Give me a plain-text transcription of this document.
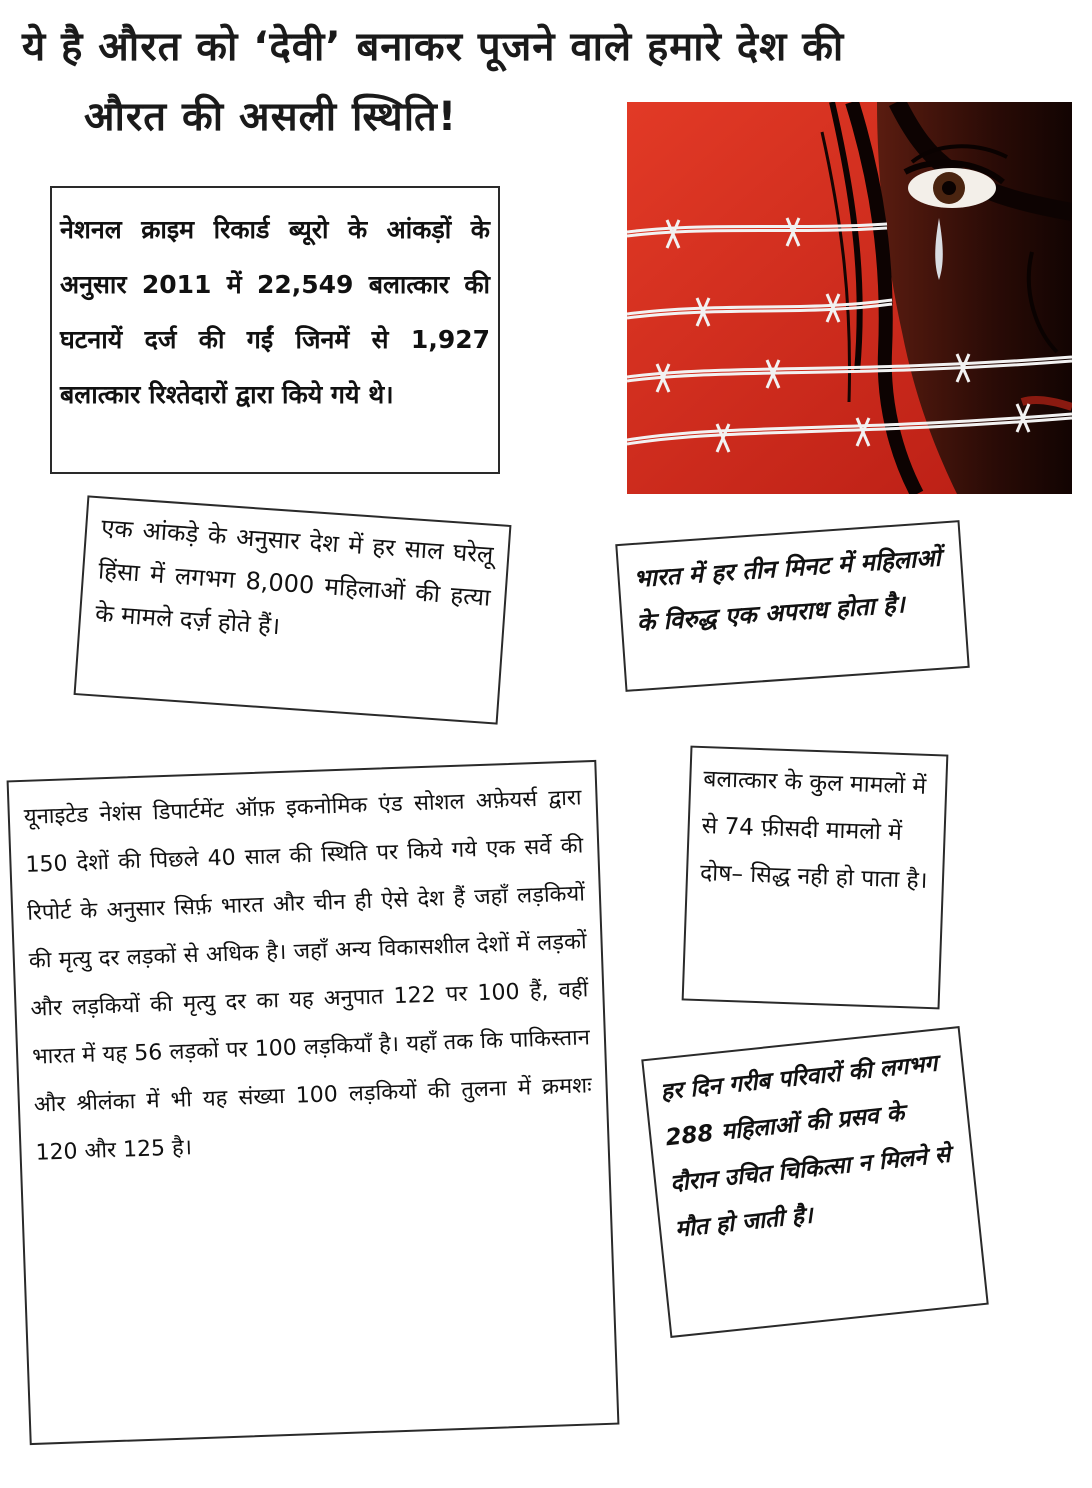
ये है औरत को ‘देवी’ बनाकर पूजने वाले हमारे देश की
औरत की असली स्थिति!

नेशनल क्राइम रिकार्ड ब्यूरो के आंकड़ों के अनुसार 2011 में 22,549 बलात्कार की घटनायें दर्ज की गईं जिनमें से 1,927 बलात्कार रिश्तेदारों द्वारा किये गये थे।

एक आंकड़े के अनुसार देश में हर साल घरेलू हिंसा में लगभग 8,000 महिलाओं की हत्या के मामले दर्ज़ होते हैं।

भारत में हर तीन मिनट में महिलाओं के विरुद्ध एक अपराध होता है।

यूनाइटेड नेशंस डिपार्टमेंट ऑफ़ इकनोमिक एंड सोशल अफ़ेयर्स द्वारा 150 देशों की पिछले 40 साल की स्थिति पर किये गये एक सर्वे की रिपोर्ट के अनुसार सिर्फ़ भारत और चीन ही ऐसे देश हैं जहाँ लड़कियों की मृत्यु दर लड़कों से अधिक है। जहाँ अन्य विकासशील देशों में लड़कों और लड़कियों की मृत्यु दर का यह अनुपात 122 पर 100 हैं, वहीं भारत में यह 56 लड़कों पर 100 लड़कियाँ है। यहाँ तक कि पाकिस्तान और श्रीलंका में भी यह संख्या 100 लड़कियों की तुलना में क्रमशः 120 और 125 है।

बलात्कार के कुल मामलों में से 74 फ़ीसदी मामलो में दोष– सिद्ध नही हो पाता है।

हर दिन गरीब परिवारों की लगभग 288 महिलाओं की प्रसव के दौरान उचित चिकित्सा न मिलने से मौत हो जाती है।
